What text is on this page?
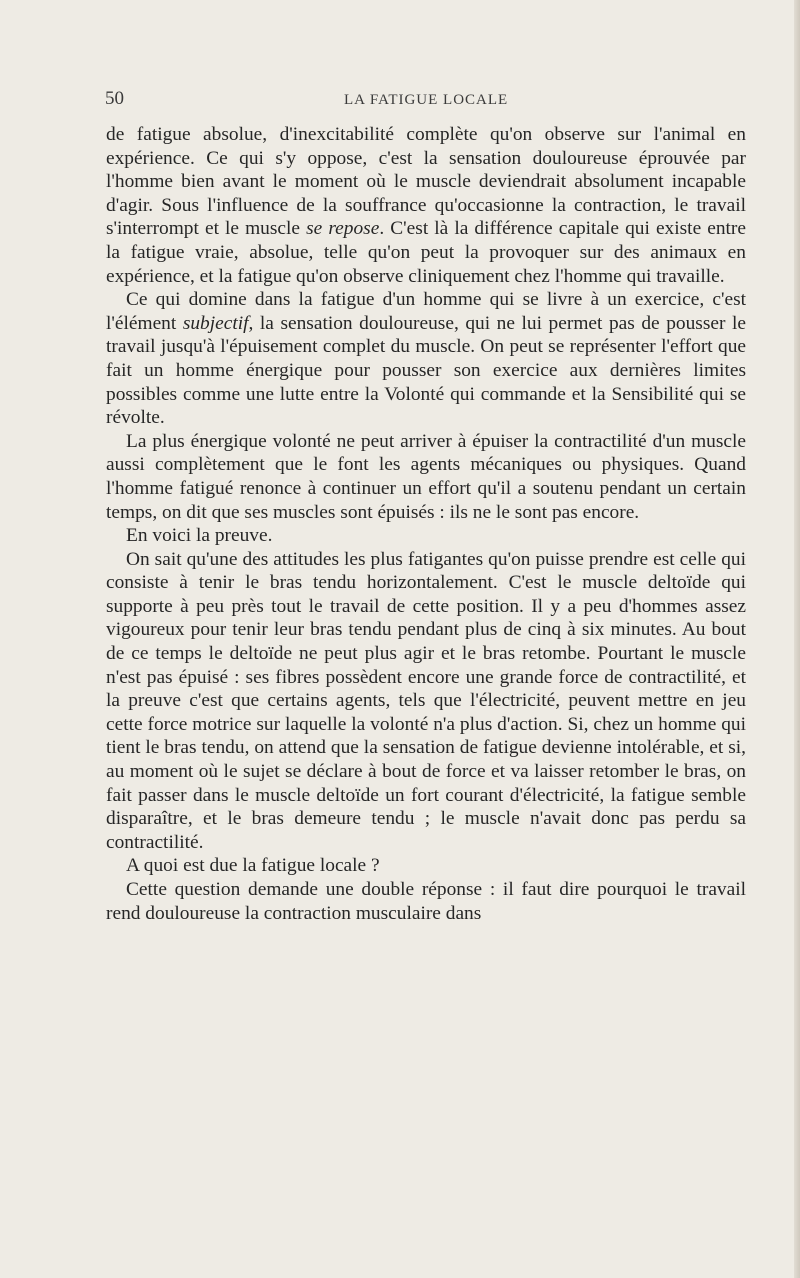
50	LA FATIGUE LOCALE

de fatigue absolue, d'inexcitabilité complète qu'on observe sur l'animal en expérience. Ce qui s'y oppose, c'est la sensation douloureuse éprouvée par l'homme bien avant le moment où le muscle deviendrait absolument incapable d'agir. Sous l'influence de la souffrance qu'occasionne la contraction, le travail s'interrompt et le muscle se repose. C'est là la différence capitale qui existe entre la fatigue vraie, absolue, telle qu'on peut la provoquer sur des animaux en expérience, et la fatigue qu'on observe cliniquement chez l'homme qui travaille.

Ce qui domine dans la fatigue d'un homme qui se livre à un exercice, c'est l'élément subjectif, la sensation douloureuse, qui ne lui permet pas de pousser le travail jusqu'à l'épuisement complet du muscle. On peut se représenter l'effort que fait un homme énergique pour pousser son exercice aux dernières limites possibles comme une lutte entre la Volonté qui commande et la Sensibilité qui se révolte.

La plus énergique volonté ne peut arriver à épuiser la contractilité d'un muscle aussi complètement que le font les agents mécaniques ou physiques. Quand l'homme fatigué renonce à continuer un effort qu'il a soutenu pendant un certain temps, on dit que ses muscles sont épuisés : ils ne le sont pas encore.

En voici la preuve.

On sait qu'une des attitudes les plus fatigantes qu'on puisse prendre est celle qui consiste à tenir le bras tendu horizontalement. C'est le muscle deltoïde qui supporte à peu près tout le travail de cette position. Il y a peu d'hommes assez vigoureux pour tenir leur bras tendu pendant plus de cinq à six minutes. Au bout de ce temps le deltoïde ne peut plus agir et le bras retombe. Pourtant le muscle n'est pas épuisé : ses fibres possèdent encore une grande force de contractilité, et la preuve c'est que certains agents, tels que l'électricité, peuvent mettre en jeu cette force motrice sur laquelle la volonté n'a plus d'action. Si, chez un homme qui tient le bras tendu, on attend que la sensation de fatigue devienne intolérable, et si, au moment où le sujet se déclare à bout de force et va laisser retomber le bras, on fait passer dans le muscle deltoïde un fort courant d'électricité, la fatigue semble disparaître, et le bras demeure tendu ; le muscle n'avait donc pas perdu sa contractilité.

A quoi est due la fatigue locale ?

Cette question demande une double réponse : il faut dire pourquoi le travail rend douloureuse la contraction musculaire dans
